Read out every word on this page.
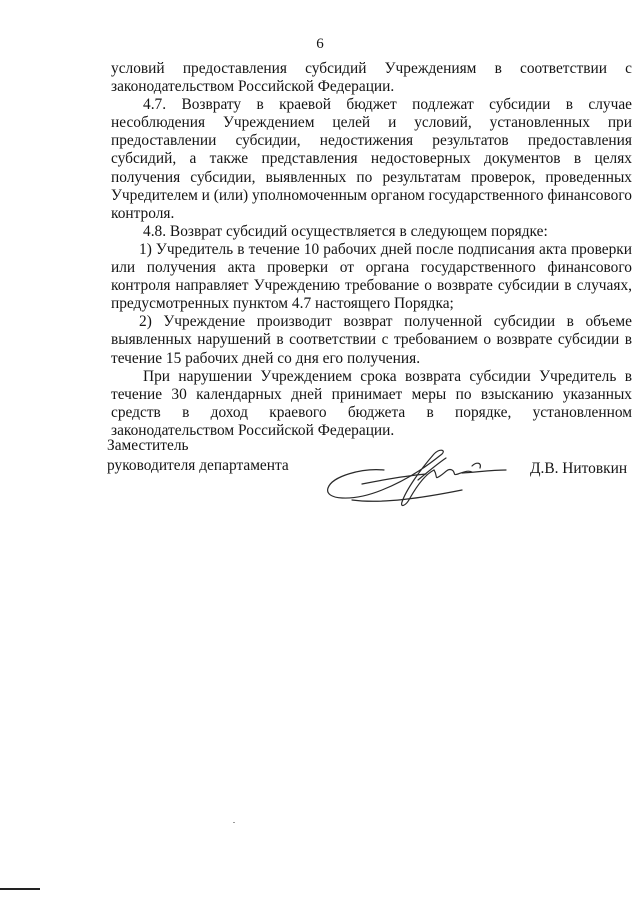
6

условий предоставления субсидий Учреждениям в соответствии с законодательством Российской Федерации.

4.7. Возврату в краевой бюджет подлежат субсидии в случае несоблюдения Учреждением целей и условий, установленных при предоставлении субсидии, недостижения результатов предоставления субсидий, а также представления недостоверных документов в целях получения субсидии, выявленных по результатам проверок, проведенных Учредителем и (или) уполномоченным органом государственного финансового контроля.

4.8. Возврат субсидий осуществляется в следующем порядке:

1) Учредитель в течение 10 рабочих дней после подписания акта проверки или получения акта проверки от органа государственного финансового контроля направляет Учреждению требование о возврате субсидии в случаях, предусмотренных пунктом 4.7 настоящего Порядка;

2) Учреждение производит возврат полученной субсидии в объеме выявленных нарушений в соответствии с требованием о возврате субсидии в течение 15 рабочих дней со дня его получения.

При нарушении Учреждением срока возврата субсидии Учредитель в течение 30 календарных дней принимает меры по взысканию указанных средств в доход краевого бюджета в порядке, установленном законодательством Российской Федерации.

Заместитель
руководителя департамента	Д.В. Нитовкин
